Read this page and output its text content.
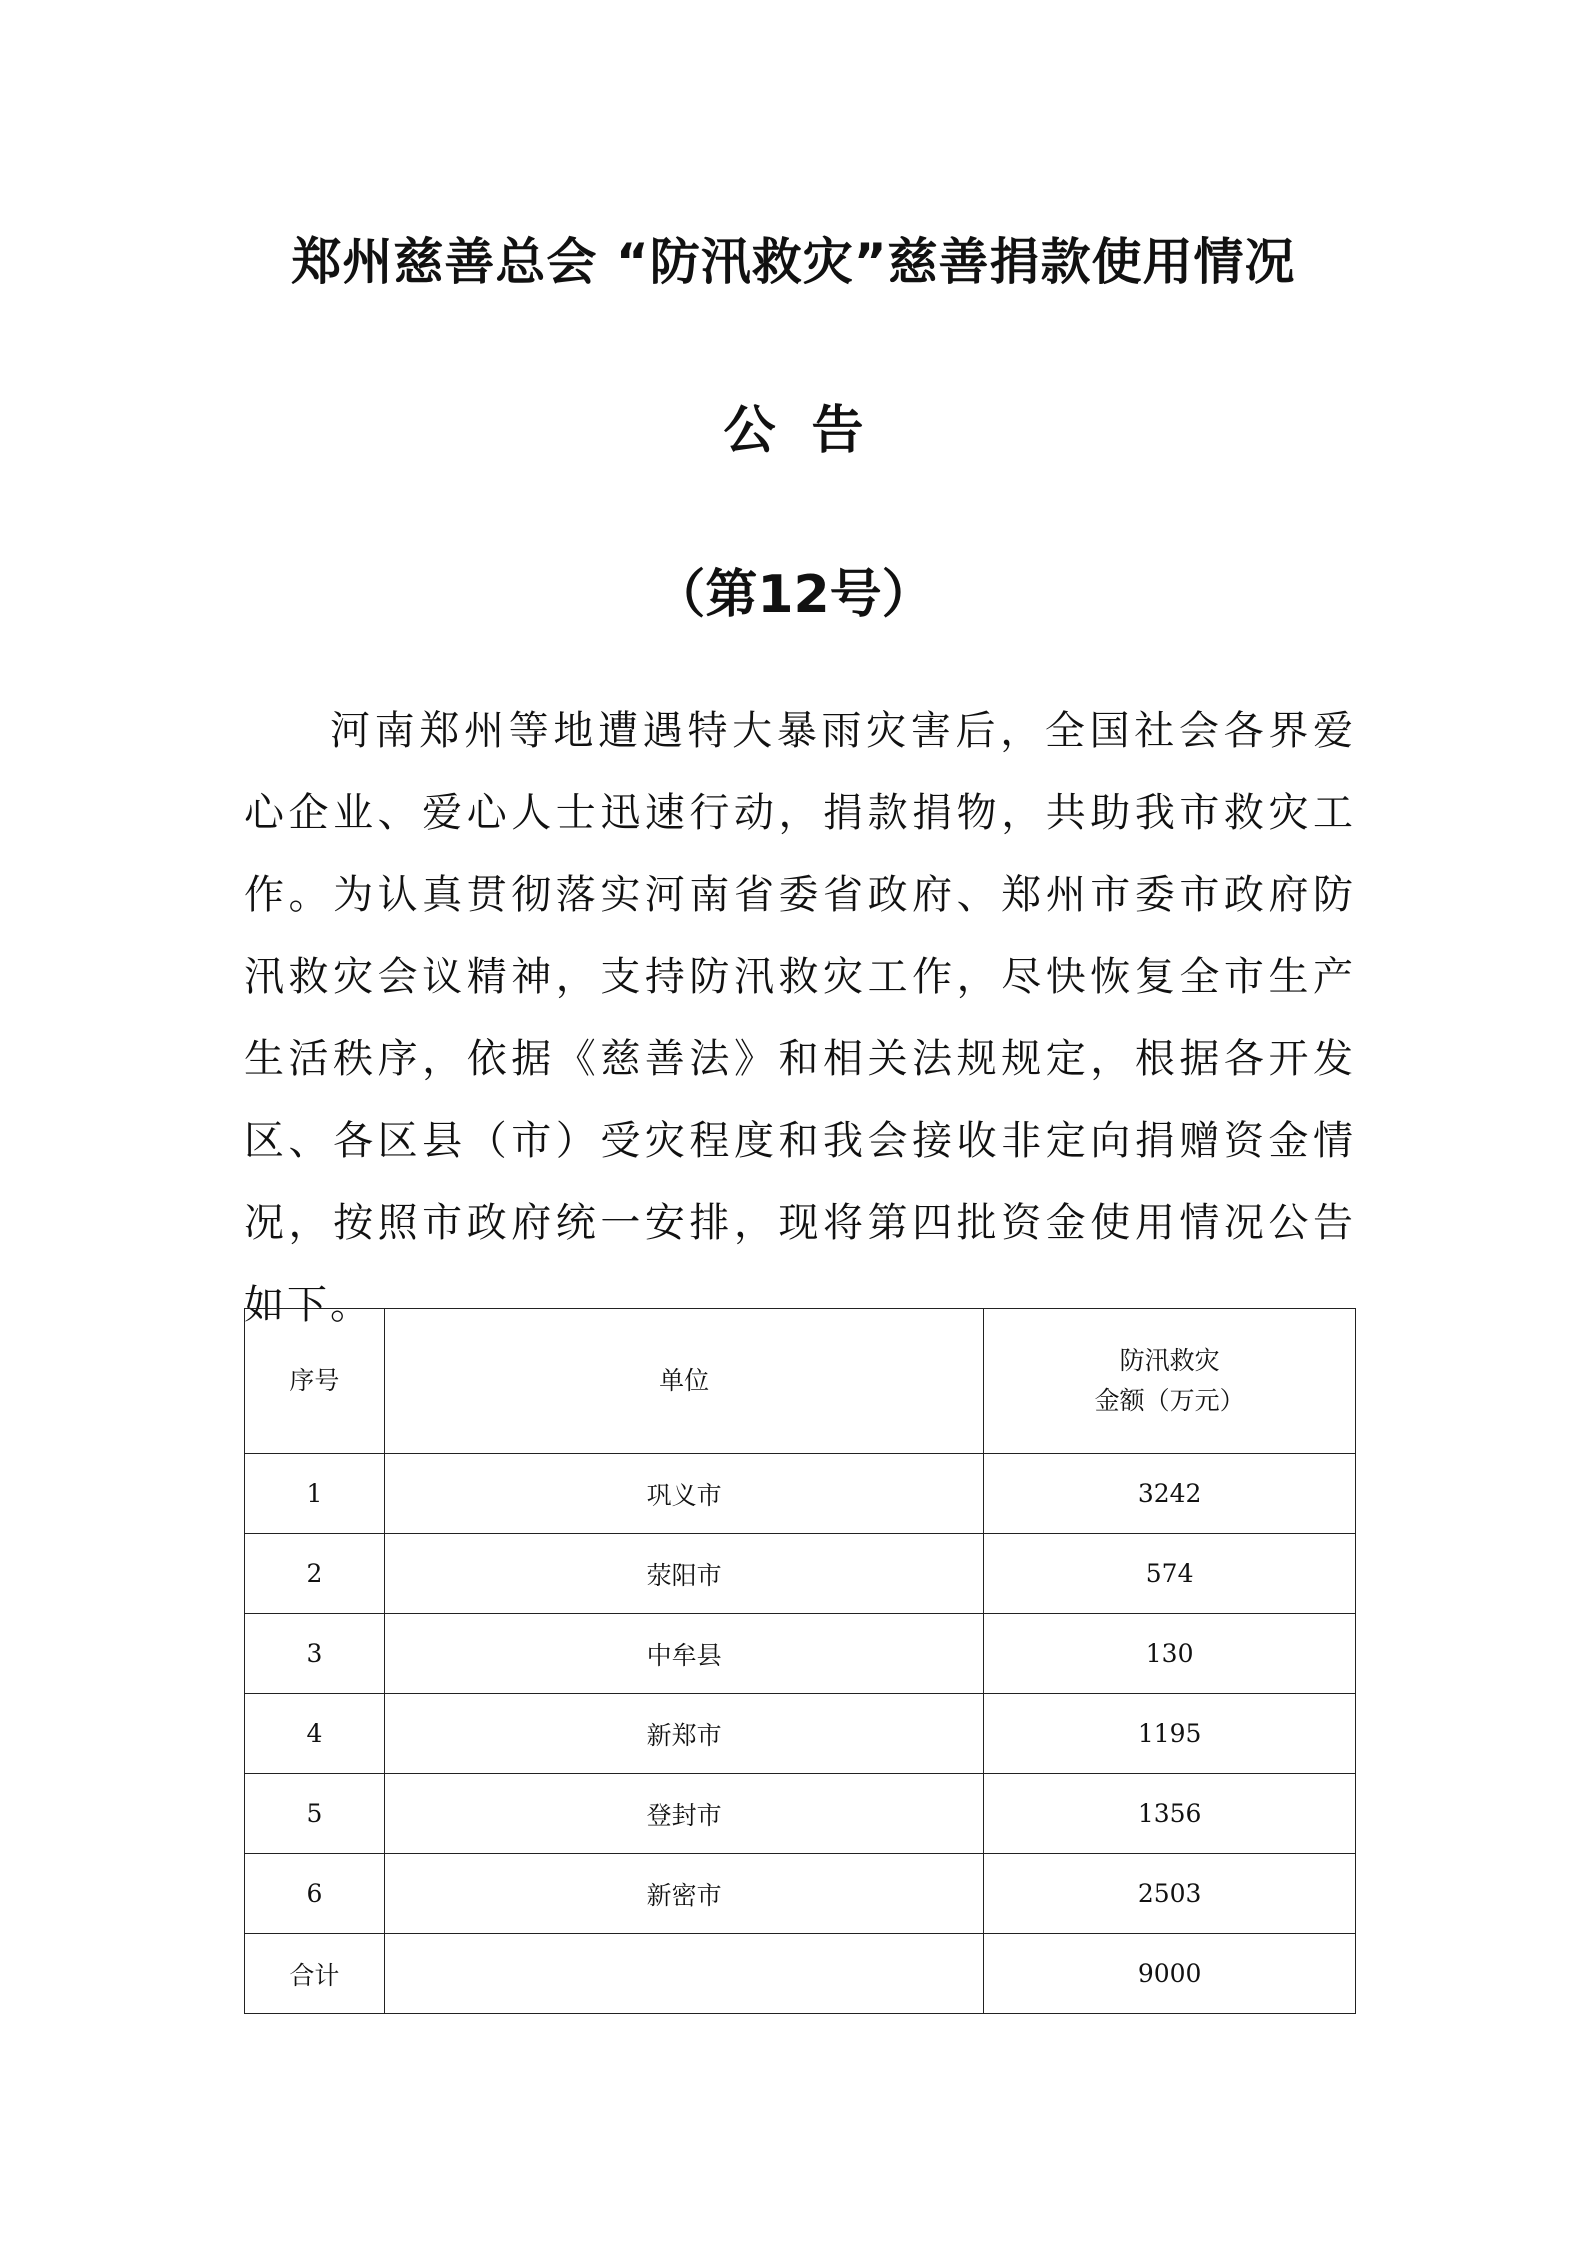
郑州慈善总会 “防汛救灾”慈善捐款使用情况
公告
（第12号）

河南郑州等地遭遇特大暴雨灾害后，全国社会各界爱心企业、爱心人士迅速行动，捐款捐物，共助我市救灾工作。为认真贯彻落实河南省委省政府、郑州市委市政府防汛救灾会议精神，支持防汛救灾工作，尽快恢复全市生产生活秩序，依据《慈善法》和相关法规规定，根据各开发区、各区县（市）受灾程度和我会接收非定向捐赠资金情况，按照市政府统一安排，现将第四批资金使用情况公告如下。

序号	单位	防汛救灾
金额（万元）

1	巩义市	3242
2	荥阳市	574
3	中牟县	130
4	新郑市	1195
5	登封市	1356
6	新密市	2503
合计		9000
